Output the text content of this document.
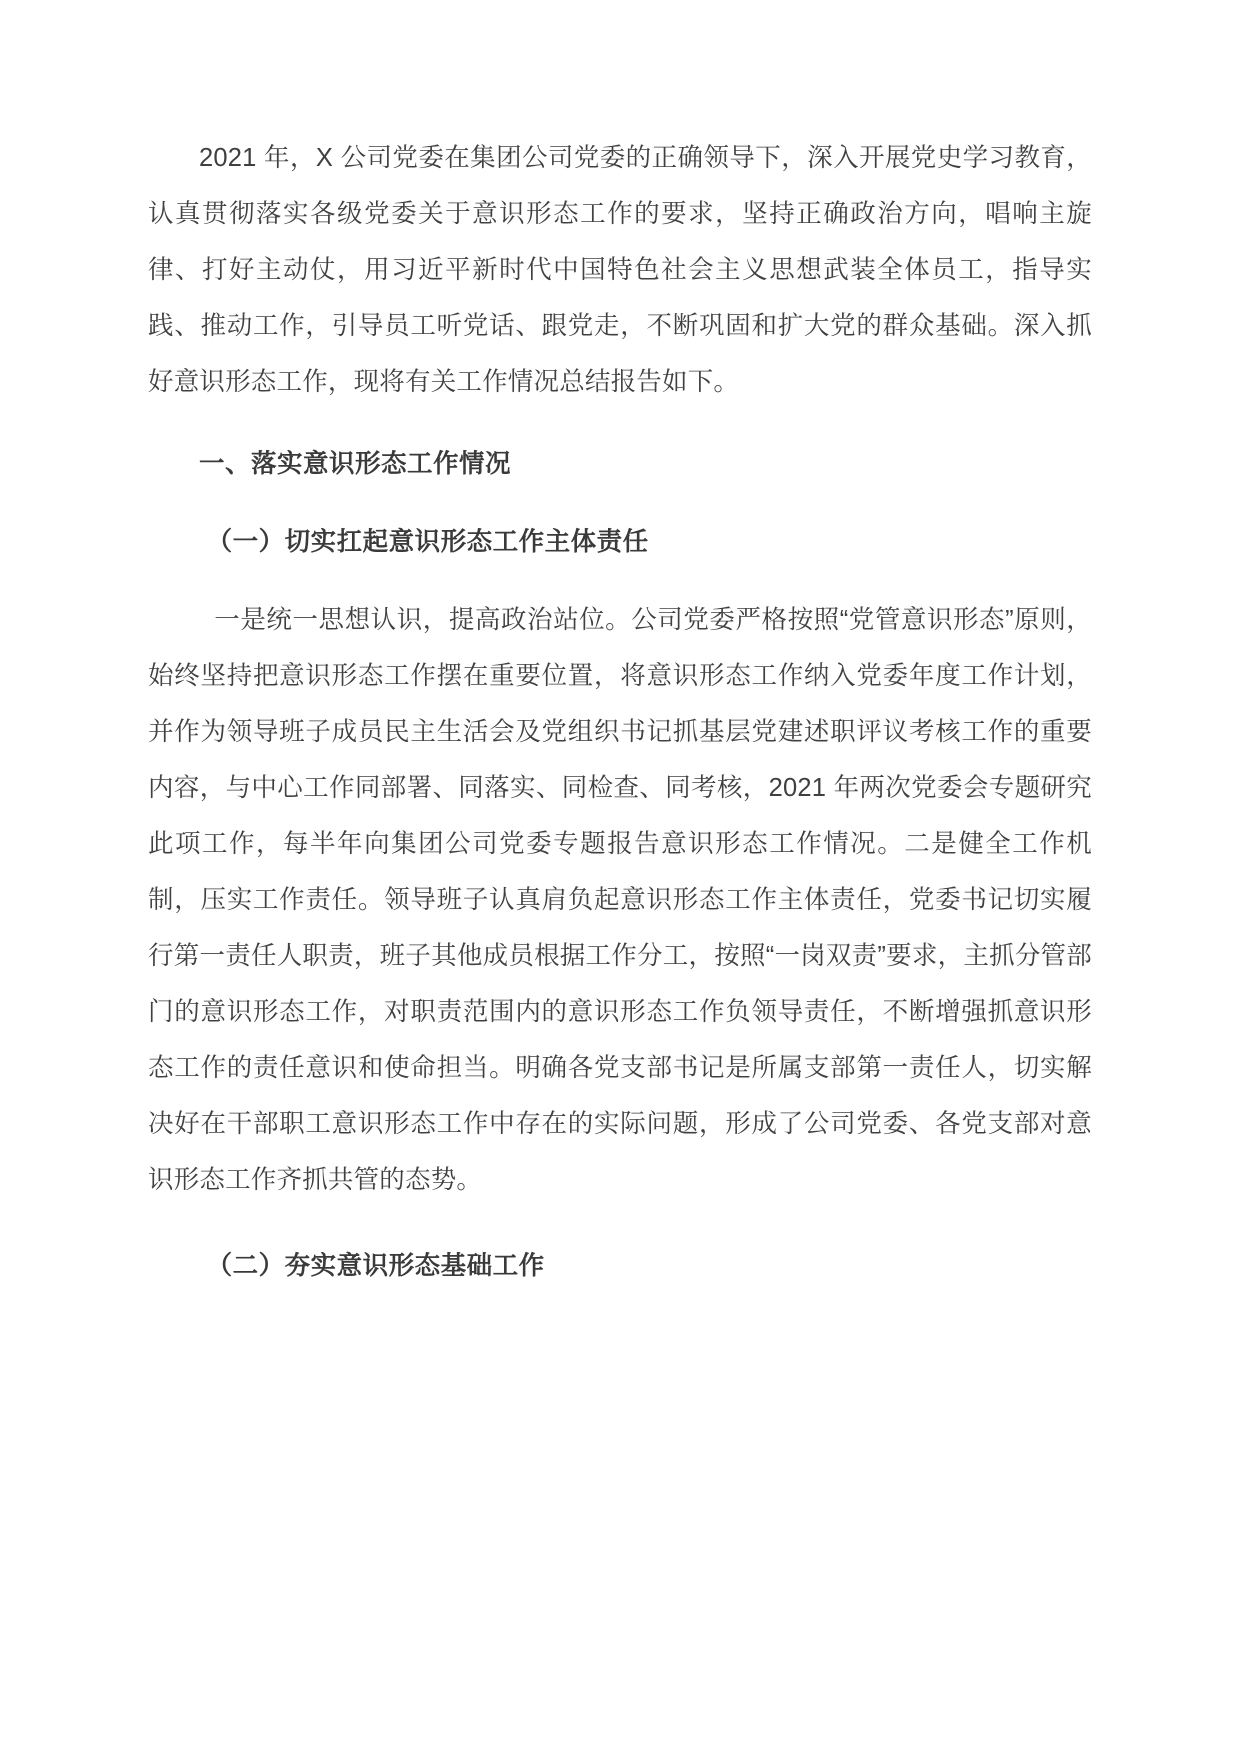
2021 年，X 公司党委在集团公司党委的正确领导下，深入开展党史学习教育，认真贯彻落实各级党委关于意识形态工作的要求，坚持正确政治方向，唱响主旋律、打好主动仗，用习近平新时代中国特色社会主义思想武装全体员工，指导实践、推动工作，引导员工听党话、跟党走，不断巩固和扩大党的群众基础。深入抓好意识形态工作，现将有关工作情况总结报告如下。

一、落实意识形态工作情况
（一）切实扛起意识形态工作主体责任

一是统一思想认识，提高政治站位。公司党委严格按照“党管意识形态”原则，始终坚持把意识形态工作摆在重要位置，将意识形态工作纳入党委年度工作计划，并作为领导班子成员民主生活会及党组织书记抓基层党建述职评议考核工作的重要内容，与中心工作同部署、同落实、同检查、同考核，2021 年两次党委会专题研究此项工作，每半年向集团公司党委专题报告意识形态工作情况。二是健全工作机制，压实工作责任。领导班子认真肩负起意识形态工作主体责任，党委书记切实履行第一责任人职责，班子其他成员根据工作分工，按照“一岗双责”要求，主抓分管部门的意识形态工作，对职责范围内的意识形态工作负领导责任，不断增强抓意识形态工作的责任意识和使命担当。明确各党支部书记是所属支部第一责任人，切实解决好在干部职工意识形态工作中存在的实际问题，形成了公司党委、各党支部对意识形态工作齐抓共管的态势。

（二）夯实意识形态基础工作
